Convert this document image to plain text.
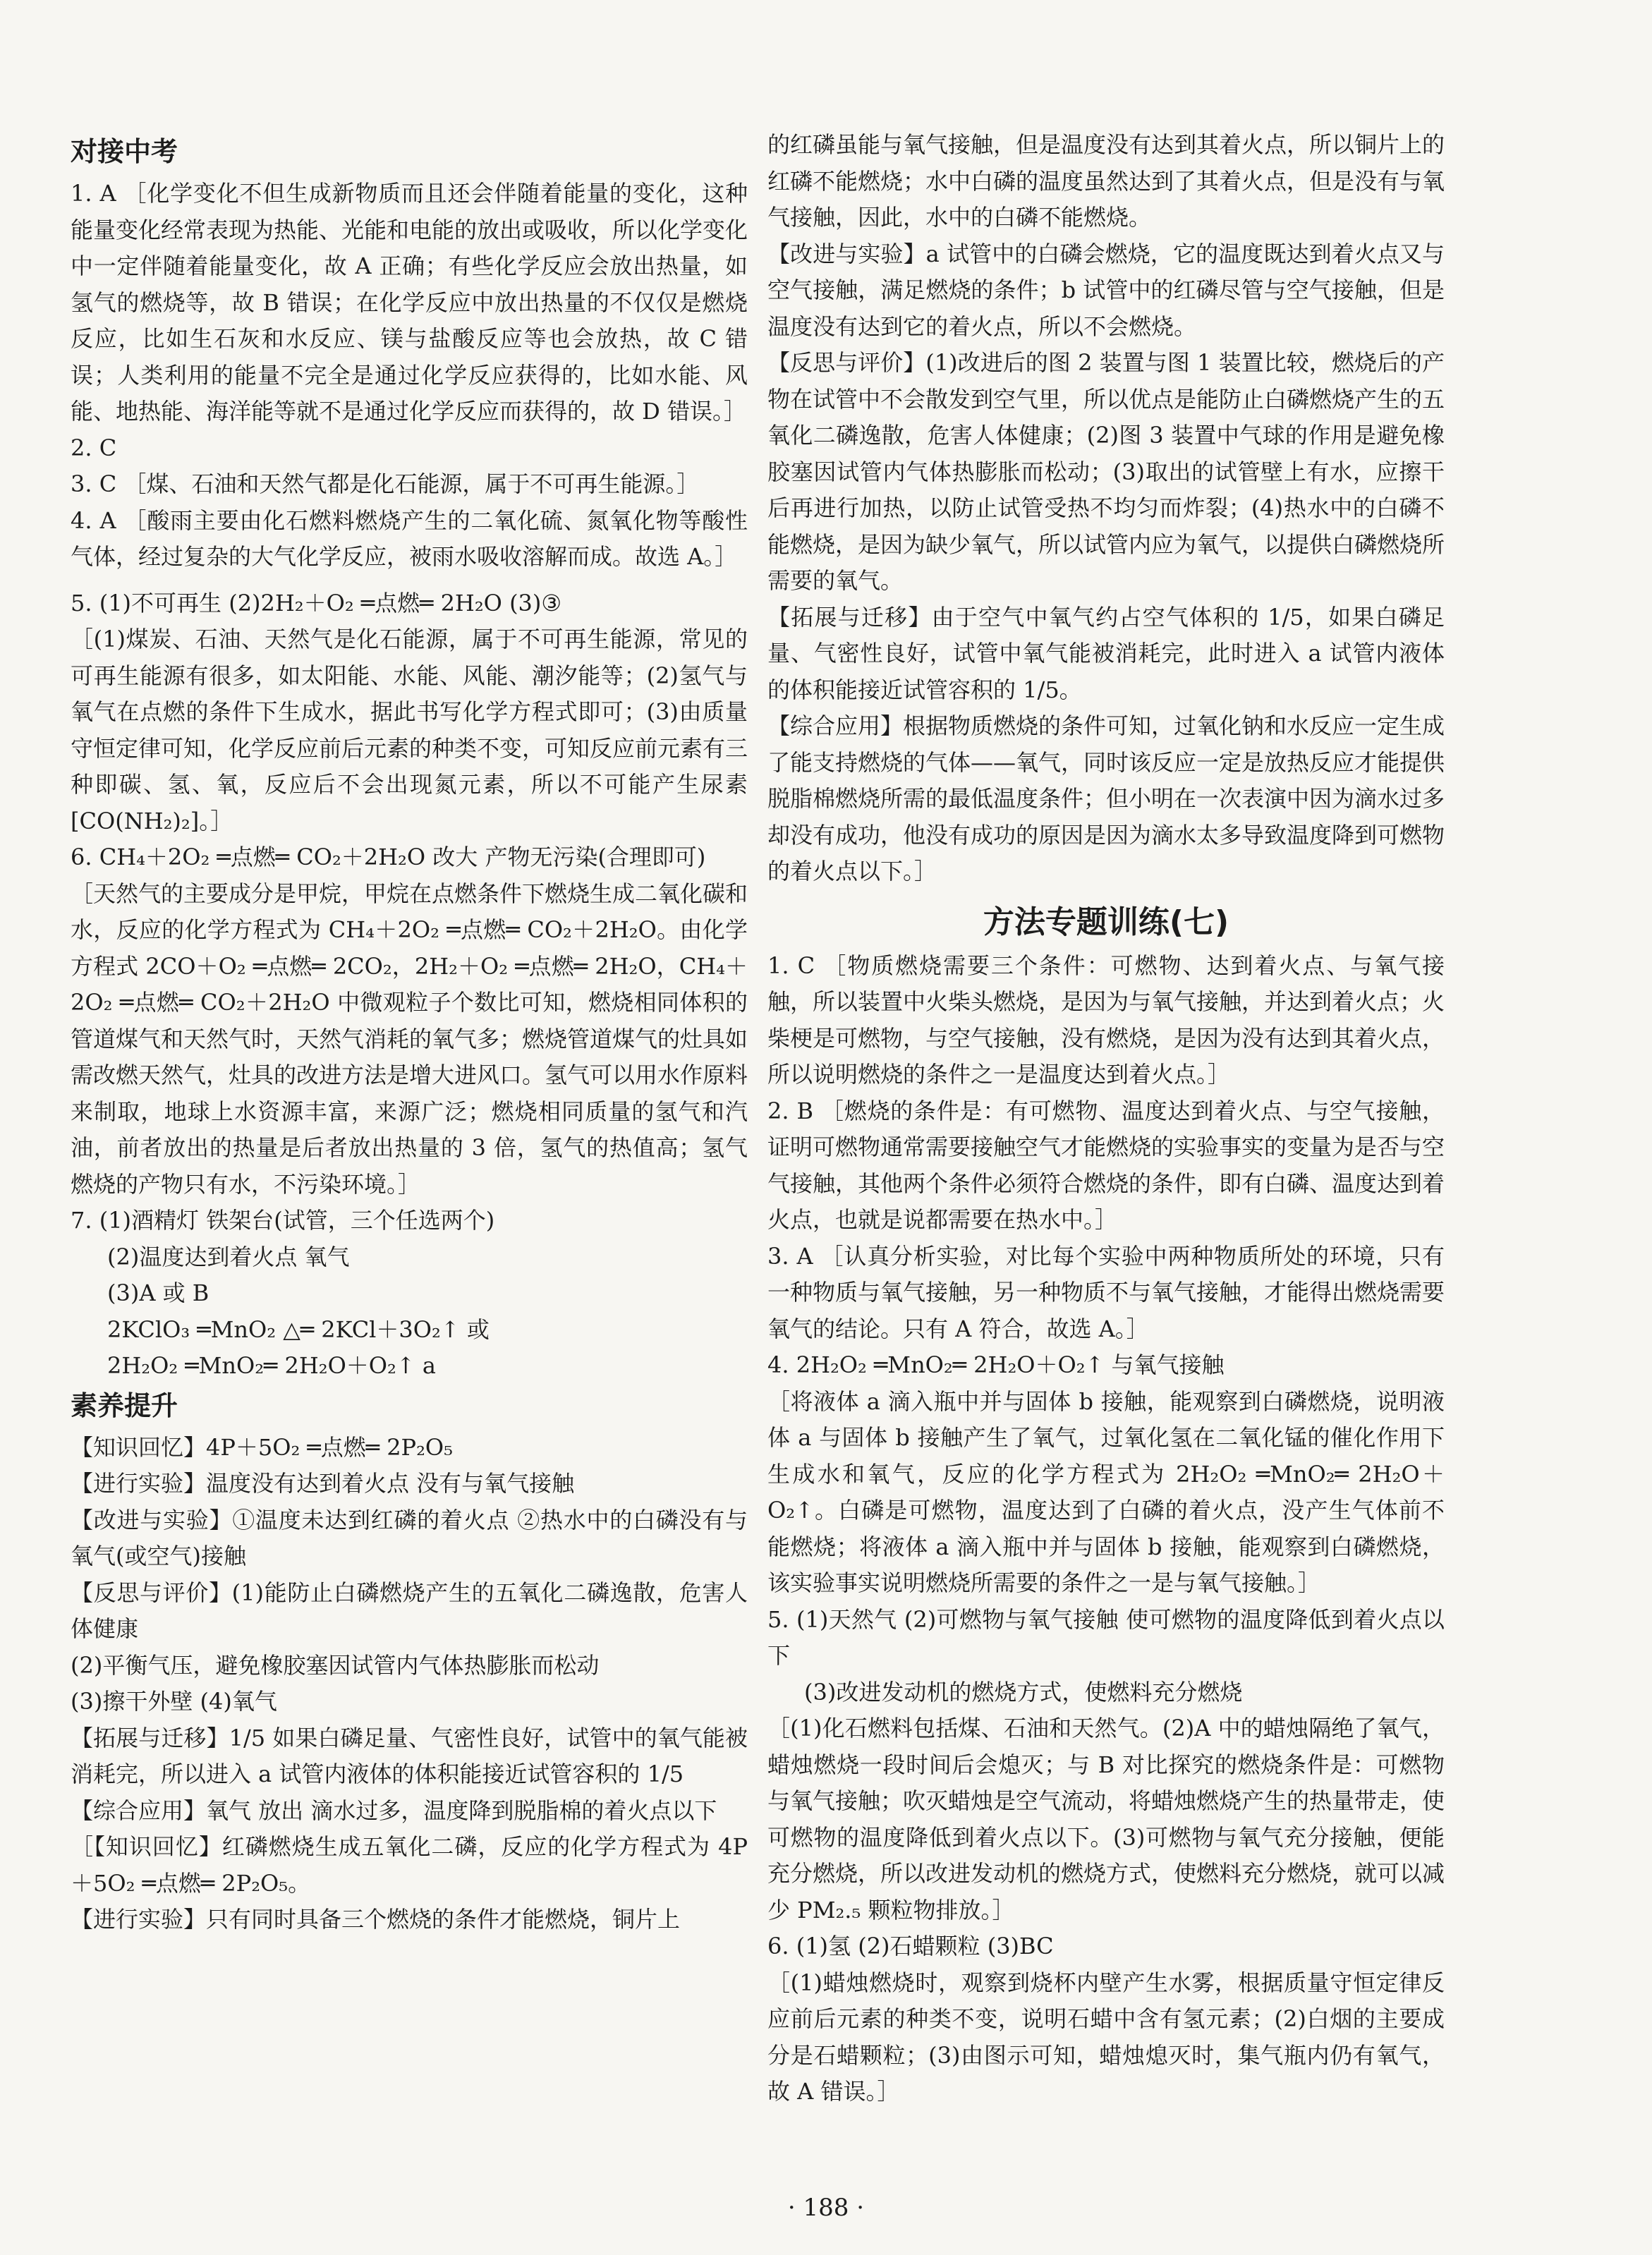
对接中考

1. A ［化学变化不但生成新物质而且还会伴随着能量的变化，这种能量变化经常表现为热能、光能和电能的放出或吸收，所以化学变化中一定伴随着能量变化，故 A 正确；有些化学反应会放出热量，如氢气的燃烧等，故 B 错误；在化学反应中放出热量的不仅仅是燃烧反应，比如生石灰和水反应、镁与盐酸反应等也会放热，故 C 错误；人类利用的能量不完全是通过化学反应获得的，比如水能、风能、地热能、海洋能等就不是通过化学反应而获得的，故 D 错误。］

2. C

3. C ［煤、石油和天然气都是化石能源，属于不可再生能源。］

4. A ［酸雨主要由化石燃料燃烧产生的二氧化硫、氮氧化物等酸性气体，经过复杂的大气化学反应，被雨水吸收溶解而成。故选 A。］

5. (1)不可再生 (2)2H₂＋O₂ ═点燃═ 2H₂O (3)③

［(1)煤炭、石油、天然气是化石能源，属于不可再生能源，常见的可再生能源有很多，如太阳能、水能、风能、潮汐能等；(2)氢气与氧气在点燃的条件下生成水，据此书写化学方程式即可；(3)由质量守恒定律可知，化学反应前后元素的种类不变，可知反应前元素有三种即碳、氢、氧，反应后不会出现氮元素，所以不可能产生尿素[CO(NH₂)₂]。］

6. CH₄＋2O₂ ═点燃═ CO₂＋2H₂O 改大 产物无污染(合理即可)

［天然气的主要成分是甲烷，甲烷在点燃条件下燃烧生成二氧化碳和水，反应的化学方程式为 CH₄＋2O₂ ═点燃═ CO₂＋2H₂O。由化学方程式 2CO＋O₂ ═点燃═ 2CO₂，2H₂＋O₂ ═点燃═ 2H₂O，CH₄＋2O₂ ═点燃═ CO₂＋2H₂O 中微观粒子个数比可知，燃烧相同体积的管道煤气和天然气时，天然气消耗的氧气多；燃烧管道煤气的灶具如需改燃天然气，灶具的改进方法是增大进风口。氢气可以用水作原料来制取，地球上水资源丰富，来源广泛；燃烧相同质量的氢气和汽油，前者放出的热量是后者放出热量的 3 倍，氢气的热值高；氢气燃烧的产物只有水，不污染环境。］

7. (1)酒精灯 铁架台(试管，三个任选两个)

(2)温度达到着火点 氧气

(3)A 或 B

2KClO₃ ═MnO₂ △═ 2KCl＋3O₂↑ 或

2H₂O₂ ═MnO₂═ 2H₂O＋O₂↑ a

素养提升

【知识回忆】4P＋5O₂ ═点燃═ 2P₂O₅

【进行实验】温度没有达到着火点 没有与氧气接触

【改进与实验】①温度未达到红磷的着火点 ②热水中的白磷没有与氧气(或空气)接触

【反思与评价】(1)能防止白磷燃烧产生的五氧化二磷逸散，危害人体健康

(2)平衡气压，避免橡胶塞因试管内气体热膨胀而松动

(3)擦干外壁 (4)氧气

【拓展与迁移】1/5 如果白磷足量、气密性良好，试管中的氧气能被消耗完，所以进入 a 试管内液体的体积能接近试管容积的 1/5

【综合应用】氧气 放出 滴水过多，温度降到脱脂棉的着火点以下

［【知识回忆】红磷燃烧生成五氧化二磷，反应的化学方程式为 4P＋5O₂ ═点燃═ 2P₂O₅。

【进行实验】只有同时具备三个燃烧的条件才能燃烧，铜片上

的红磷虽能与氧气接触，但是温度没有达到其着火点，所以铜片上的红磷不能燃烧；水中白磷的温度虽然达到了其着火点，但是没有与氧气接触，因此，水中的白磷不能燃烧。

【改进与实验】a 试管中的白磷会燃烧，它的温度既达到着火点又与空气接触，满足燃烧的条件；b 试管中的红磷尽管与空气接触，但是温度没有达到它的着火点，所以不会燃烧。

【反思与评价】(1)改进后的图 2 装置与图 1 装置比较，燃烧后的产物在试管中不会散发到空气里，所以优点是能防止白磷燃烧产生的五氧化二磷逸散，危害人体健康；(2)图 3 装置中气球的作用是避免橡胶塞因试管内气体热膨胀而松动；(3)取出的试管壁上有水，应擦干后再进行加热，以防止试管受热不均匀而炸裂；(4)热水中的白磷不能燃烧，是因为缺少氧气，所以试管内应为氧气，以提供白磷燃烧所需要的氧气。

【拓展与迁移】由于空气中氧气约占空气体积的 1/5，如果白磷足量、气密性良好，试管中氧气能被消耗完，此时进入 a 试管内液体的体积能接近试管容积的 1/5。

【综合应用】根据物质燃烧的条件可知，过氧化钠和水反应一定生成了能支持燃烧的气体——氧气，同时该反应一定是放热反应才能提供脱脂棉燃烧所需的最低温度条件；但小明在一次表演中因为滴水过多却没有成功，他没有成功的原因是因为滴水太多导致温度降到可燃物的着火点以下。］

方法专题训练(七)

1. C ［物质燃烧需要三个条件：可燃物、达到着火点、与氧气接触，所以装置中火柴头燃烧，是因为与氧气接触，并达到着火点；火柴梗是可燃物，与空气接触，没有燃烧，是因为没有达到其着火点，所以说明燃烧的条件之一是温度达到着火点。］

2. B ［燃烧的条件是：有可燃物、温度达到着火点、与空气接触，证明可燃物通常需要接触空气才能燃烧的实验事实的变量为是否与空气接触，其他两个条件必须符合燃烧的条件，即有白磷、温度达到着火点，也就是说都需要在热水中。］

3. A ［认真分析实验，对比每个实验中两种物质所处的环境，只有一种物质与氧气接触，另一种物质不与氧气接触，才能得出燃烧需要氧气的结论。只有 A 符合，故选 A。］

4. 2H₂O₂ ═MnO₂═ 2H₂O＋O₂↑ 与氧气接触

［将液体 a 滴入瓶中并与固体 b 接触，能观察到白磷燃烧，说明液体 a 与固体 b 接触产生了氧气，过氧化氢在二氧化锰的催化作用下生成水和氧气，反应的化学方程式为 2H₂O₂ ═MnO₂═ 2H₂O＋O₂↑。白磷是可燃物，温度达到了白磷的着火点，没产生气体前不能燃烧；将液体 a 滴入瓶中并与固体 b 接触，能观察到白磷燃烧，该实验事实说明燃烧所需要的条件之一是与氧气接触。］

5. (1)天然气 (2)可燃物与氧气接触 使可燃物的温度降低到着火点以下

(3)改进发动机的燃烧方式，使燃料充分燃烧

［(1)化石燃料包括煤、石油和天然气。(2)A 中的蜡烛隔绝了氧气，蜡烛燃烧一段时间后会熄灭；与 B 对比探究的燃烧条件是：可燃物与氧气接触；吹灭蜡烛是空气流动，将蜡烛燃烧产生的热量带走，使可燃物的温度降低到着火点以下。(3)可燃物与氧气充分接触，便能充分燃烧，所以改进发动机的燃烧方式，使燃料充分燃烧，就可以减少 PM₂.₅ 颗粒物排放。］

6. (1)氢 (2)石蜡颗粒 (3)BC

［(1)蜡烛燃烧时，观察到烧杯内壁产生水雾，根据质量守恒定律反应前后元素的种类不变，说明石蜡中含有氢元素；(2)白烟的主要成分是石蜡颗粒；(3)由图示可知，蜡烛熄灭时，集气瓶内仍有氧气，故 A 错误。］

· 188 ·
